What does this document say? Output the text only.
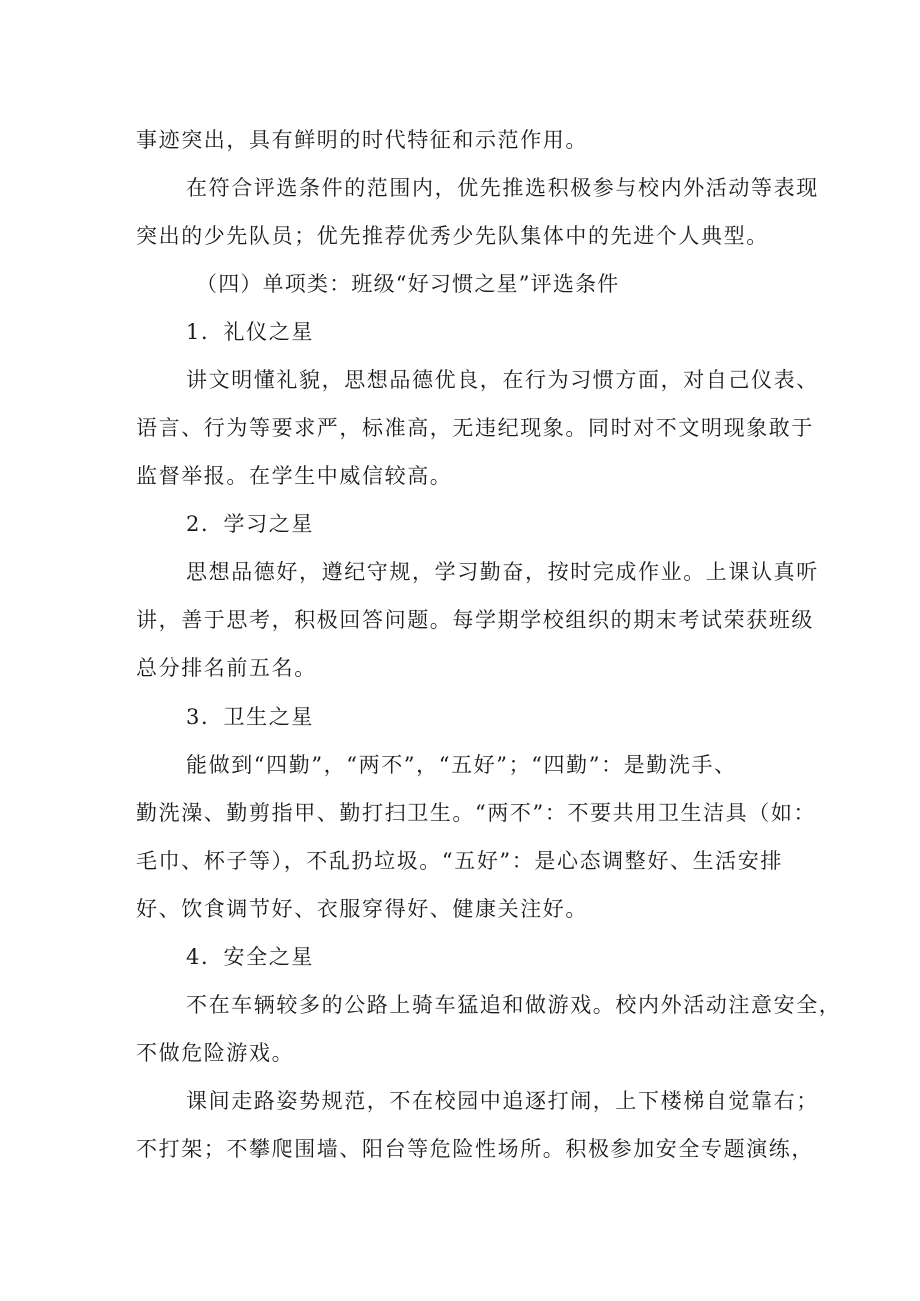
事迹突出，具有鲜明的时代特征和示范作用。
在符合评选条件的范围内，优先推选积极参与校内外活动等表现
突出的少先队员；优先推荐优秀少先队集体中的先进个人典型。
（四）单项类：班级“好习惯之星”评选条件
1．礼仪之星
讲文明懂礼貌，思想品德优良，在行为习惯方面，对自己仪表、
语言、行为等要求严，标准高，无违纪现象。同时对不文明现象敢于
监督举报。在学生中威信较高。
2．学习之星
思想品德好，遵纪守规，学习勤奋，按时完成作业。上课认真听
讲，善于思考，积极回答问题。每学期学校组织的期末考试荣获班级
总分排名前五名。
3．卫生之星
能做到“四勤”，“两不”，“五好”；“四勤”：是勤洗手、
勤洗澡、勤剪指甲、勤打扫卫生。“两不”：不要共用卫生洁具（如：
毛巾、杯子等），不乱扔垃圾。“五好”：是心态调整好、生活安排
好、饮食调节好、衣服穿得好、健康关注好。
4．安全之星
不在车辆较多的公路上骑车猛追和做游戏。校内外活动注意安全，
不做危险游戏。
课间走路姿势规范，不在校园中追逐打闹，上下楼梯自觉靠右；
不打架；不攀爬围墙、阳台等危险性场所。积极参加安全专题演练，
